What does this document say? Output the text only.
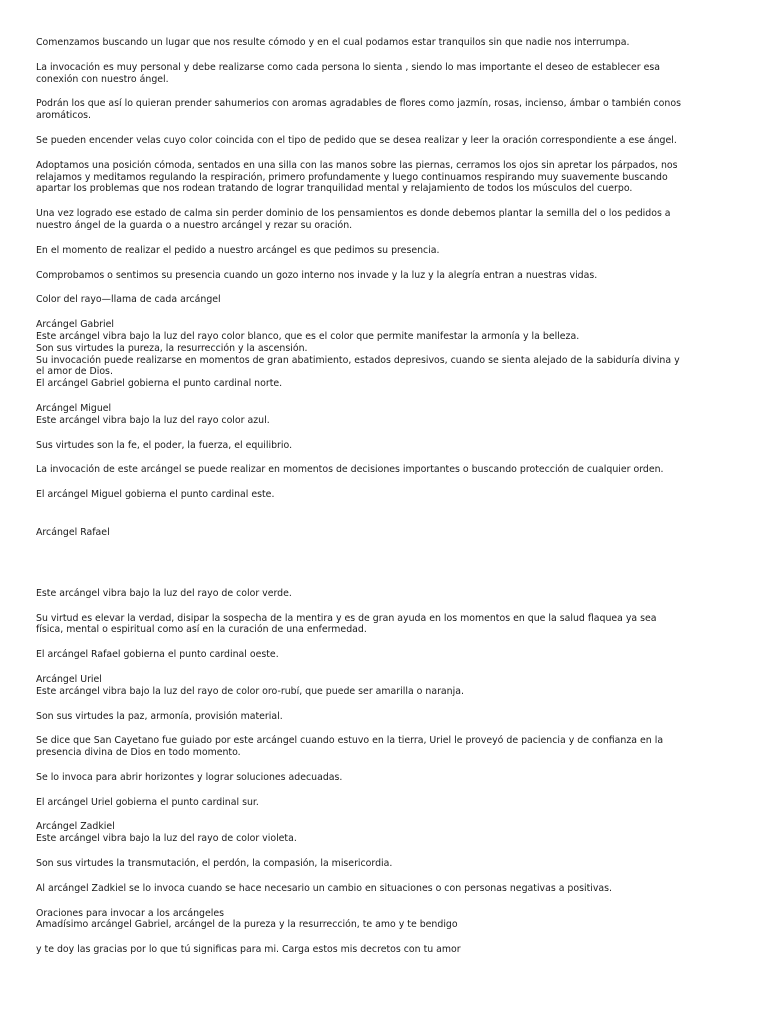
Comenzamos buscando un lugar que nos resulte cómodo y en el cual podamos estar tranquilos sin que nadie nos interrumpa.

La invocación es muy personal y debe realizarse como cada persona lo sienta , siendo lo mas importante el deseo de establecer esa
conexión con nuestro ángel.

Podrán los que así lo quieran prender sahumerios con aromas agradables de flores como jazmín, rosas, incienso, ámbar o también conos
aromáticos.

Se pueden encender velas cuyo color coincida con el tipo de pedido que se desea realizar y leer la oración correspondiente a ese ángel.

Adoptamos una posición cómoda, sentados en una silla con las manos sobre las piernas, cerramos los ojos sin apretar los párpados, nos
relajamos y meditamos regulando la respiración, primero profundamente y luego continuamos respirando muy suavemente buscando
apartar los problemas que nos rodean tratando de lograr tranquilidad mental y relajamiento de todos los músculos del cuerpo.

Una vez logrado ese estado de calma sin perder dominio de los pensamientos es donde debemos plantar la semilla del o los pedidos a
nuestro ángel de la guarda o a nuestro arcángel y rezar su oración.

En el momento de realizar el pedido a nuestro arcángel es que pedimos su presencia.

Comprobamos o sentimos su presencia cuando un gozo interno nos invade y la luz y la alegría entran a nuestras vidas.

Color del rayo—llama de cada arcángel

Arcángel Gabriel
Este arcángel vibra bajo la luz del rayo color blanco, que es el color que permite manifestar la armonía y la belleza.
Son sus virtudes la pureza, la resurrección y la ascensión.
Su invocación puede realizarse en momentos de gran abatimiento, estados depresivos, cuando se sienta alejado de la sabiduría divina y
el amor de Dios.
El arcángel Gabriel gobierna el punto cardinal norte.

Arcángel Miguel
Este arcángel vibra bajo la luz del rayo color azul.

Sus virtudes son la fe, el poder, la fuerza, el equilibrio.

La invocación de este arcángel se puede realizar en momentos de decisiones importantes o buscando protección de cualquier orden.

El arcángel Miguel gobierna el punto cardinal este.

Arcángel Rafael

Este arcángel vibra bajo la luz del rayo de color verde.

Su virtud es elevar la verdad, disipar la sospecha de la mentira y es de gran ayuda en los momentos en que la salud flaquea ya sea
física, mental o espiritual como así en la curación de una enfermedad.

El arcángel Rafael gobierna el punto cardinal oeste.

Arcángel Uriel
Este arcángel vibra bajo la luz del rayo de color oro-rubí, que puede ser amarilla o naranja.

Son sus virtudes la paz, armonía, provisión material.

Se dice que San Cayetano fue guiado por este arcángel cuando estuvo en la tierra, Uriel le proveyó de paciencia y de confianza en la
presencia divina de Dios en todo momento.

Se lo invoca para abrir horizontes y lograr soluciones adecuadas.

El arcángel Uriel gobierna el punto cardinal sur.

Arcángel Zadkiel
Este arcángel vibra bajo la luz del rayo de color violeta.

Son sus virtudes la transmutación, el perdón, la compasión, la misericordia.

Al arcángel Zadkiel se lo invoca cuando se hace necesario un cambio en situaciones o con personas negativas a positivas.

Oraciones para invocar a los arcángeles
Amadísimo arcángel Gabriel, arcángel de la pureza y la resurrección, te amo y te bendigo

y te doy las gracias por lo que tú significas para mi. Carga estos mis decretos con tu amor
